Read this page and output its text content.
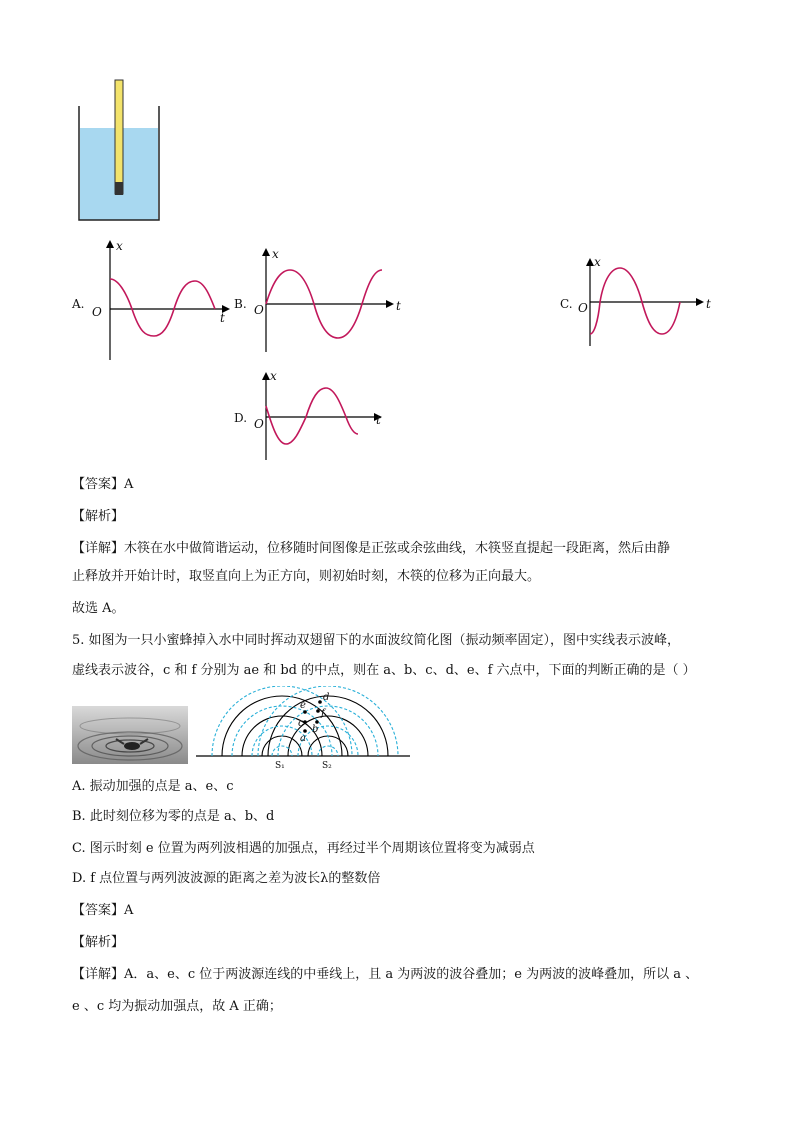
A.
x
t
O
B.
x
t
O	C.
x
t
O
D.
x
t
O
【答案】A
【解析】
【详解】木筷在水中做简谐运动，位移随时间图像是正弦或余弦曲线，木筷竖直提起一段距离，然后由静
止释放并开始计时，取竖直向上为正方向，则初始时刻，木筷的位移为正向最大。
故选 A。
5. 如图为一只小蜜蜂掉入水中同时挥动双翅留下的水面波纹简化图（振动频率固定），图中实线表示波峰，
虚线表示波谷，c 和 f 分别为 ae 和 bd 的中点，则在 a、b、c、d、e、f 六点中，下面的判断正确的是（ ）
a
c
e
b
f
d
S₁	S₂
A. 振动加强的点是 a、e、c
B. 此时刻位移为零的点是 a、b、d
C. 图示时刻 e 位置为两列波相遇的加强点，再经过半个周期该位置将变为减弱点
D. f 点位置与两列波波源的距离之差为波长λ的整数倍
【答案】A
【解析】
【详解】A．a、e、c 位于两波源连线的中垂线上，且 a 为两波的波谷叠加；e 为两波的波峰叠加，所以 a 、
e 、c 均为振动加强点，故 A 正确；
